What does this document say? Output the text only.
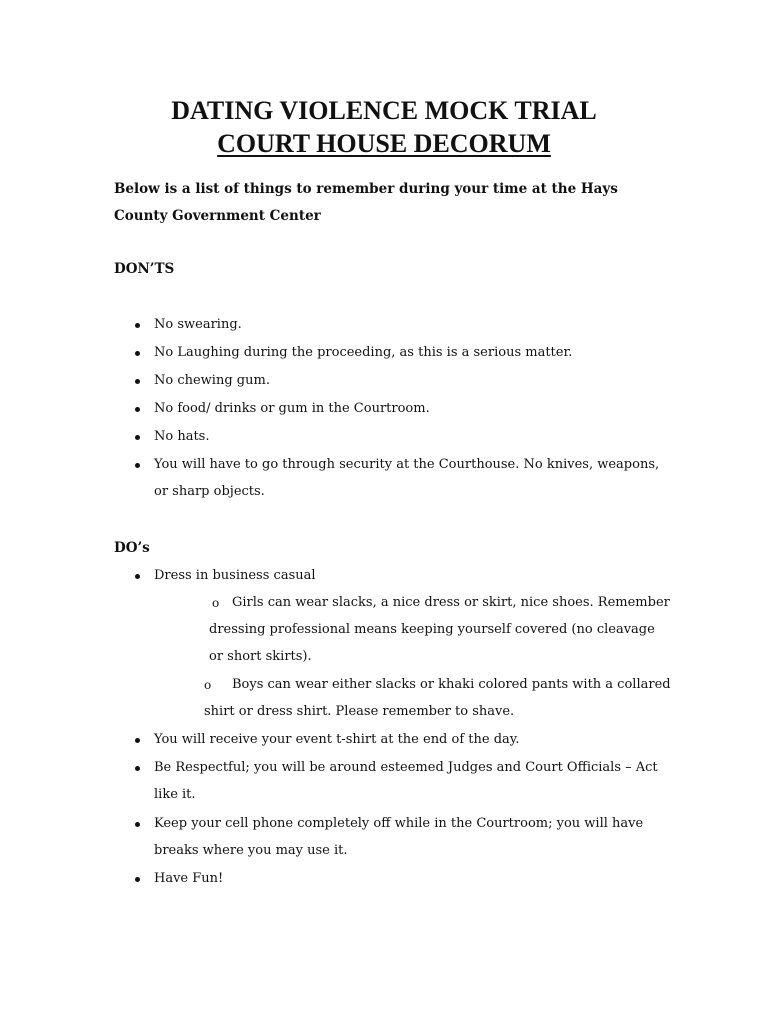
DATING VIOLENCE MOCK TRIAL
COURT HOUSE DECORUM
Below is a list of things to remember during your time at the Hays County Government Center
DON’TS
No swearing.
No Laughing during the proceeding, as this is a serious matter.
No chewing gum.
No food/ drinks or gum in the Courtroom.
No hats.
You will have to go through security at the Courthouse. No knives, weapons,
or sharp objects.
DO’s
Dress in business casual
o Girls can wear slacks, a nice dress or skirt, nice shoes. Remember
dressing professional means keeping yourself covered (no cleavage
or short skirts).
o Boys can wear either slacks or khaki colored pants with a collared
shirt or dress shirt. Please remember to shave.
You will receive your event t-shirt at the end of the day.
Be Respectful; you will be around esteemed Judges and Court Officials – Act
like it.
Keep your cell phone completely off while in the Courtroom; you will have
breaks where you may use it.
Have Fun!
